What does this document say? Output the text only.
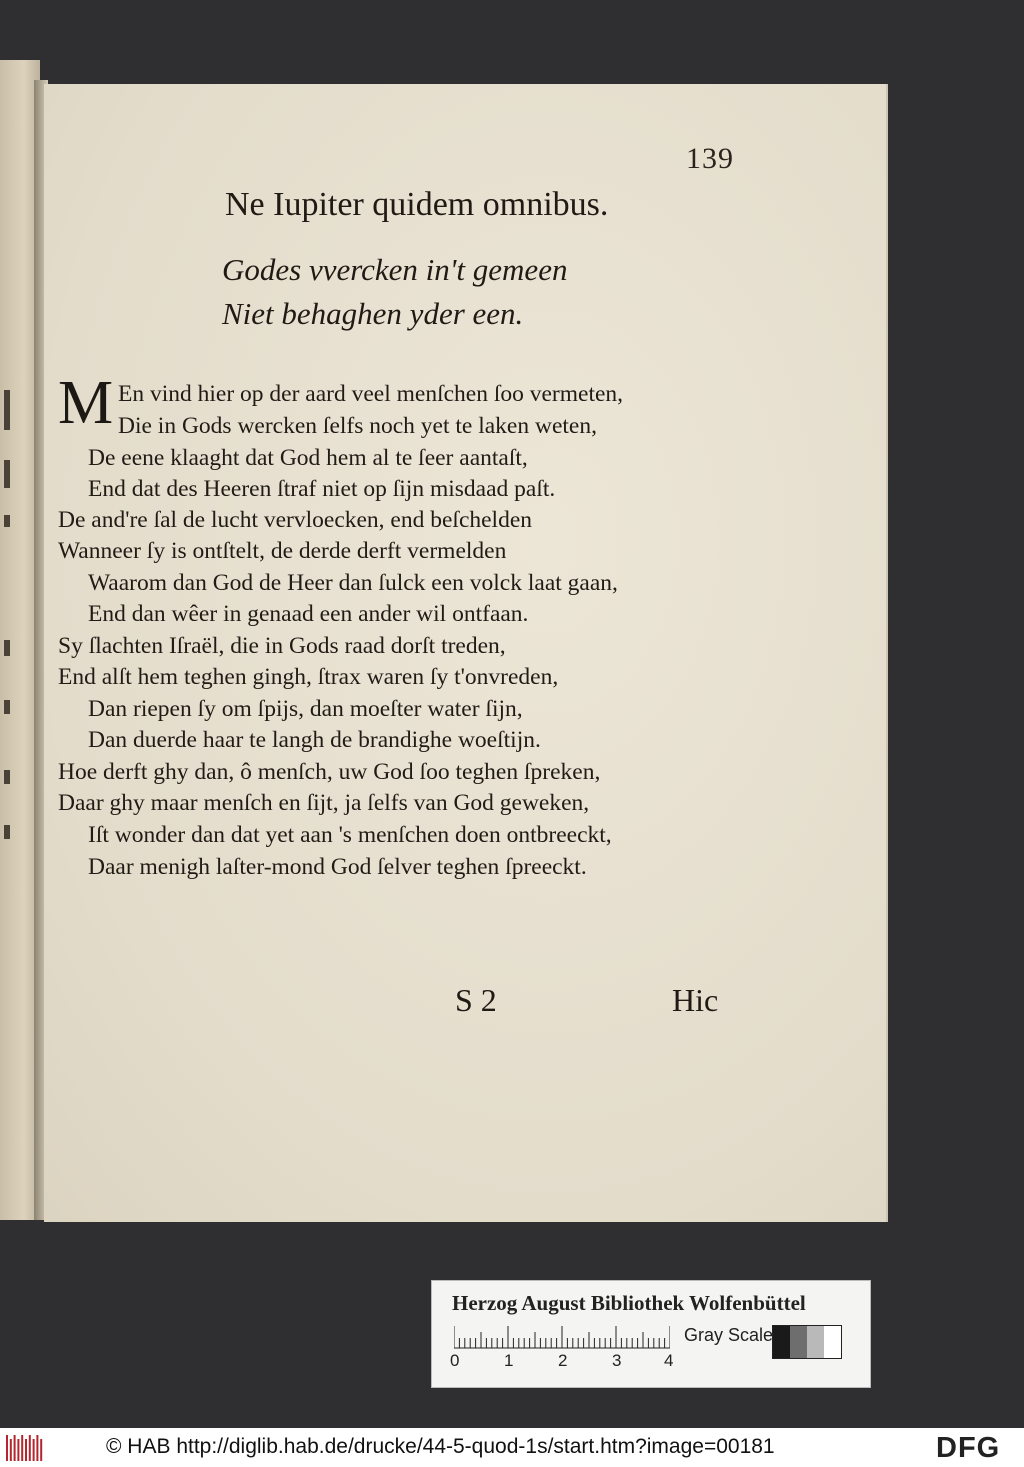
139
Ne Iupiter quidem omnibus.
Godes vvercken in't gemeen
Niet behaghen yder een.
M En vind hier op der aard veel menſchen ſoo vermeten,
Die in Gods wercken ſelfs noch yet te laken weten,
De eene klaaght dat God hem al te ſeer aantaſt,
End dat des Heeren ſtraf niet op ſijn misdaad paſt.
De and're ſal de lucht vervloecken, end beſchelden
Wanneer ſy is ontſtelt, de derde derft vermelden
Waarom dan God de Heer dan ſulck een volck laat gaan,
End dan wêer in genaad een ander wil ontfaan.
Sy ſlachten Iſraël, die in Gods raad dorſt treden,
End alſt hem teghen gingh, ſtrax waren ſy t'onvreden,
Dan riepen ſy om ſpijs, dan moeſter water ſijn,
Dan duerde haar te langh de brandighe woeſtijn.
Hoe derft ghy dan, ô menſch, uw God ſoo teghen ſpreken,
Daar ghy maar menſch en ſijt, ja ſelfs van God geweken,
Iſt wonder dan dat yet aan 's menſchen doen ontbreeckt,
Daar menigh laſter-mond God ſelver teghen ſpreeckt.
S 2	Hic
Herzog August Bibliothek Wolfenbüttel
0	1	2	3	4
Gray Scale
© HAB http://diglib.hab.de/drucke/44-5-quod-1s/start.htm?image=00181	DFG
